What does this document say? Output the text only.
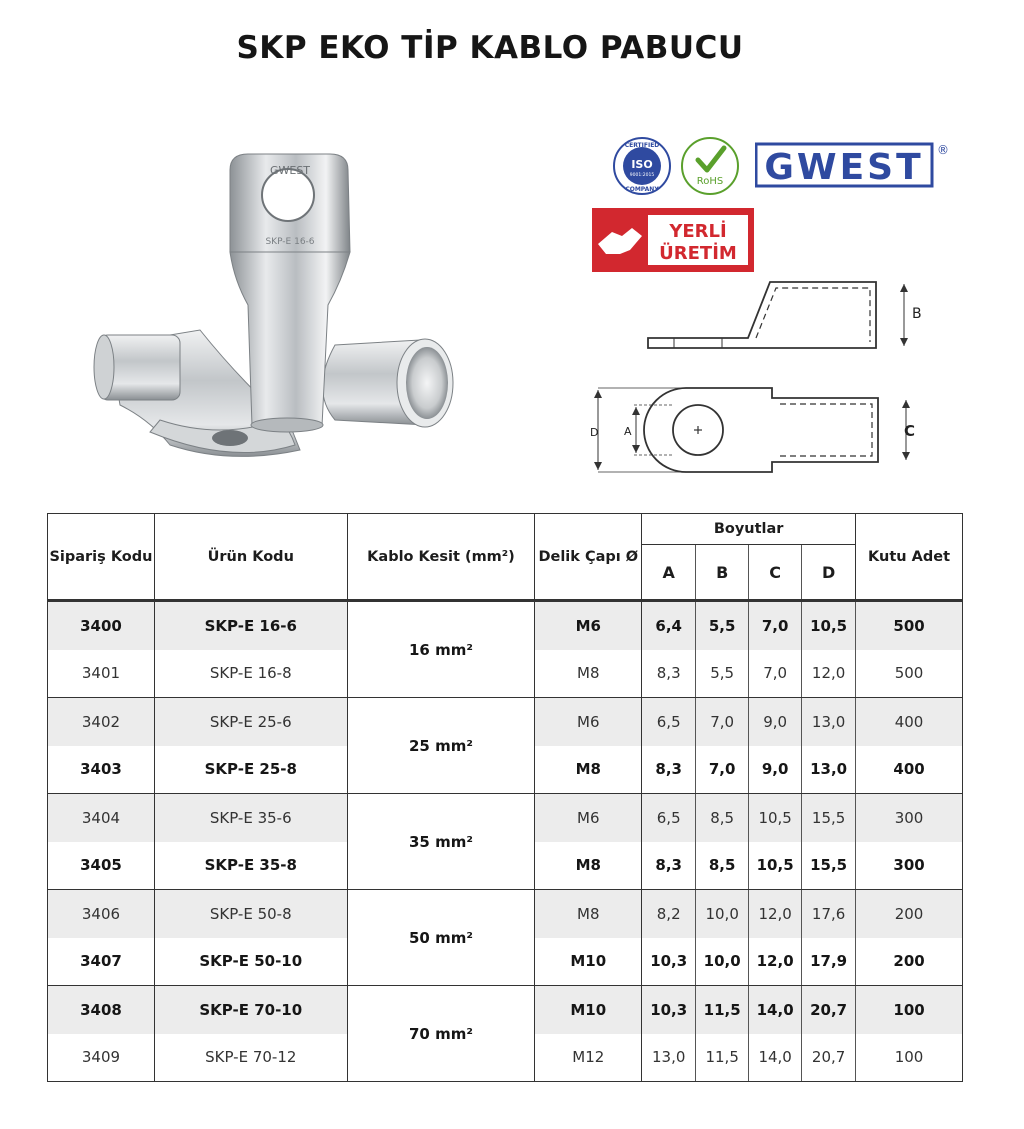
SKP EKO TİP KABLO PABUCU
GWEST
SKP-E 16-6
CERTIFIED
ISO
9001:2015
COMPANY
RoHS GWEST ®
YERLİ
ÜRETİM
B
D A	C
Sipariş Kodu	Ürün Kodu	Kablo Kesit (mm²)	Delik Çapı Ø	Boyutlar				Kutu Adet
				A	B	C	D	
3400	SKP-E 16-6	16 mm²	M6	6,4	5,5	7,0	10,5	500
3401	SKP-E 16-8		M8	8,3	5,5	7,0	12,0	500
3402	SKP-E 25-6	25 mm²	M6	6,5	7,0	9,0	13,0	400
3403	SKP-E 25-8		M8	8,3	7,0	9,0	13,0	400
3404	SKP-E 35-6	35 mm²	M6	6,5	8,5	10,5	15,5	300
3405	SKP-E 35-8		M8	8,3	8,5	10,5	15,5	300
3406	SKP-E 50-8	50 mm²	M8	8,2	10,0	12,0	17,6	200
3407	SKP-E 50-10		M10	10,3	10,0	12,0	17,9	200
3408	SKP-E 70-10	70 mm²	M10	10,3	11,5	14,0	20,7	100
3409	SKP-E 70-12		M12	13,0	11,5	14,0	20,7	100
